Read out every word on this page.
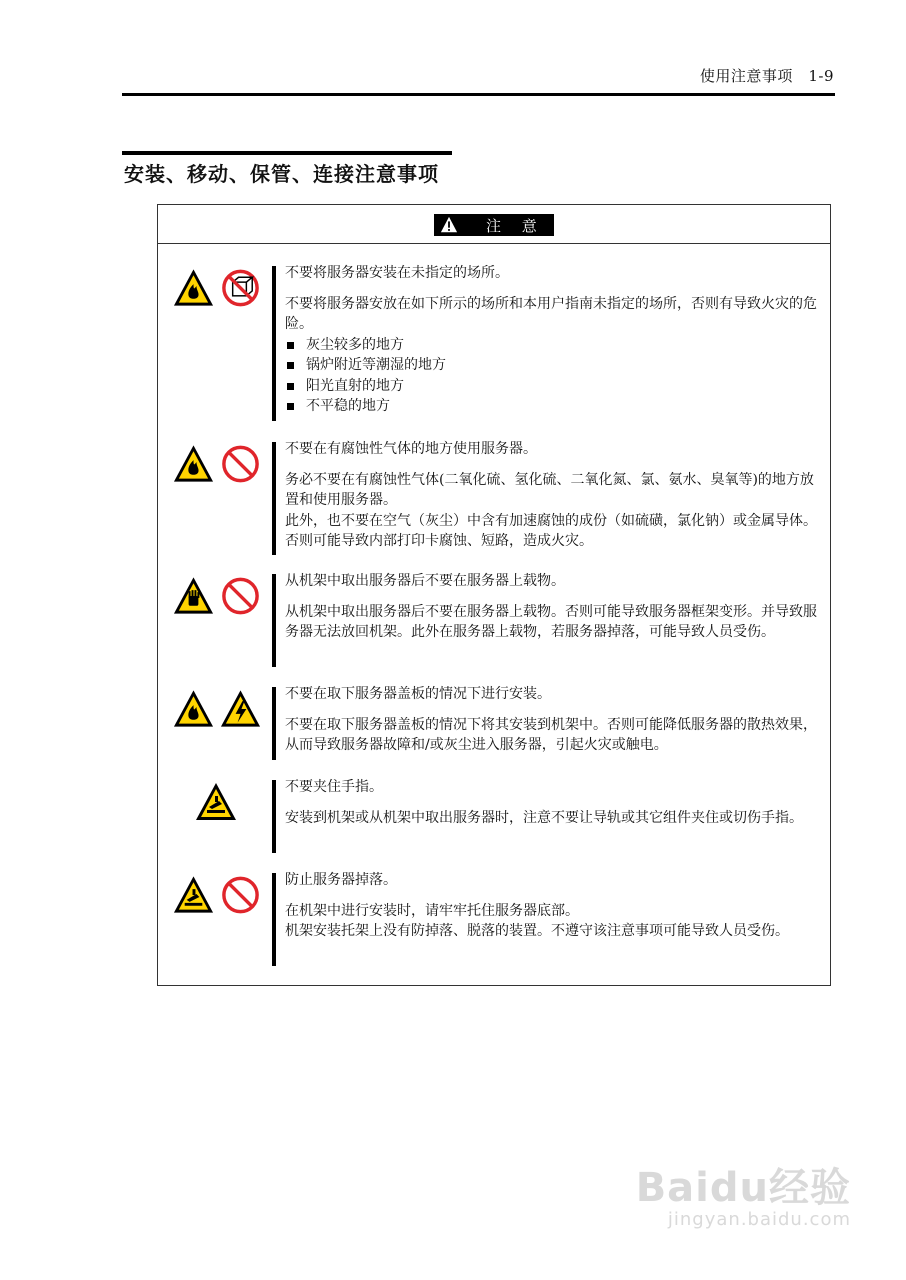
使用注意事项　1-9
安装、移动、保管、连接注意事项
注 意

不要将服务器安装在未指定的场所。

不要将服务器安放在如下所示的场所和本用户指南未指定的场所，否则有导致火灾的危险。

灰尘较多的地方
锅炉附近等潮湿的地方
阳光直射的地方
不平稳的地方

不要在有腐蚀性气体的地方使用服务器。

务必不要在有腐蚀性气体(二氧化硫、氢化硫、二氧化氮、氯、氨水、臭氧等)的地方放置和使用服务器。

此外，也不要在空气（灰尘）中含有加速腐蚀的成份（如硫磺，氯化钠）或金属导体。否则可能导致内部打印卡腐蚀、短路，造成火灾。

从机架中取出服务器后不要在服务器上载物。

从机架中取出服务器后不要在服务器上载物。否则可能导致服务器框架变形。并导致服务器无法放回机架。此外在服务器上载物，若服务器掉落，可能导致人员受伤。

不要在取下服务器盖板的情况下进行安装。

不要在取下服务器盖板的情况下将其安装到机架中。否则可能降低服务器的散热效果，从而导致服务器故障和/或灰尘进入服务器，引起火灾或触电。

不要夹住手指。

安装到机架或从机架中取出服务器时，注意不要让导轨或其它组件夹住或切伤手指。

防止服务器掉落。

在机架中进行安装时，请牢牢托住服务器底部。

机架安装托架上没有防掉落、脱落的装置。不遵守该注意事项可能导致人员受伤。

Baidu经验
jingyan.baidu.com
